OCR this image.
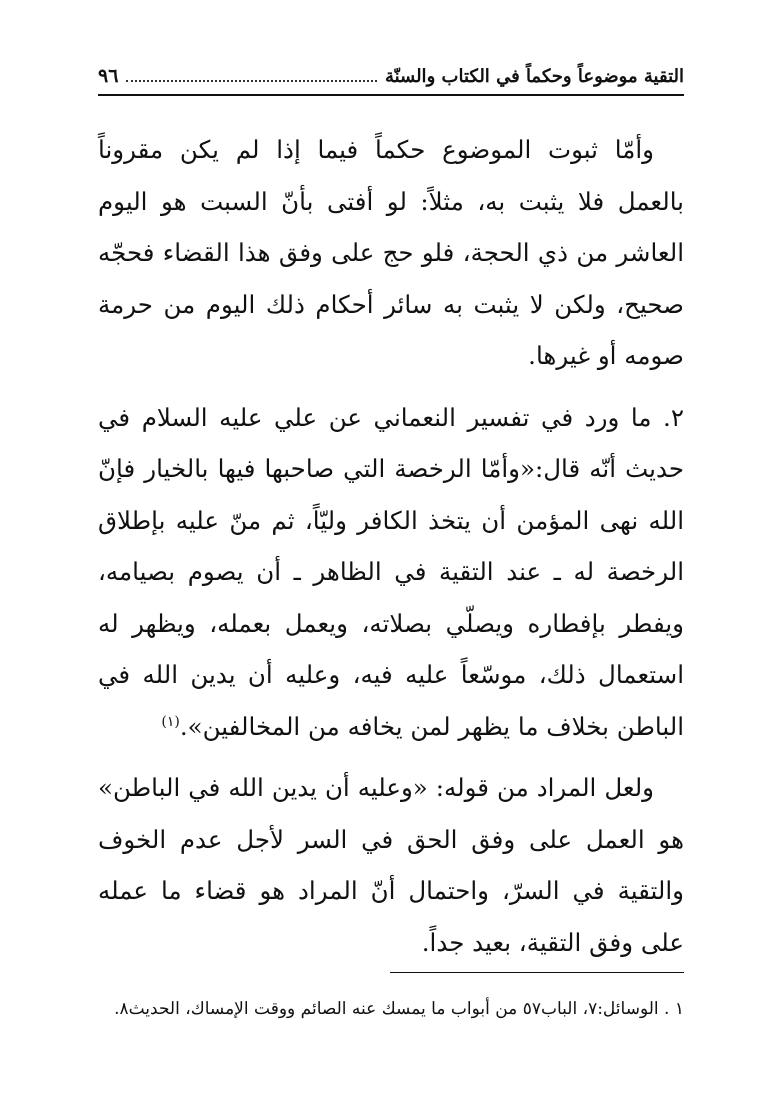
التقية موضوعاً وحكماً في الكتاب والسنّة
٩٦

وأمّا ثبوت الموضوع حكماً فيما إذا لم يكن مقروناً بالعمل فلا يثبت به، مثلاً: لو أفتى بأنّ السبت هو اليوم العاشر من ذي الحجة، فلو حج على وفق هذا القضاء فحجّه صحيح، ولكن لا يثبت به سائر أحكام ذلك اليوم من حرمة صومه أو غيرها.

٢. ما ورد في تفسير النعماني عن علي عليه السلام في حديث أنّه قال:«وأمّا الرخصة التي صاحبها فيها بالخيار فإنّ الله نهى المؤمن أن يتخذ الكافر وليّاً، ثم منّ عليه بإطلاق الرخصة له ـ عند التقية في الظاهر ـ أن يصوم بصيامه، ويفطر بإفطاره ويصلّي بصلاته، ويعمل بعمله، ويظهر له استعمال ذلك، موسّعاً عليه فيه، وعليه أن يدين الله في الباطن بخلاف ما يظهر لمن يخافه من المخالفين».$^{(١)}$

ولعل المراد من قوله: «وعليه أن يدين الله في الباطن» هو العمل على وفق الحق في السر لأجل عدم الخوف والتقية في السرّ، واحتمال أنّ المراد هو قضاء ما عمله على وفق التقية، بعيد جداً.

١ . الوسائل:٧، الباب٥٧ من أبواب ما يمسك عنه الصائم ووقت الإمساك، الحديث٨.
